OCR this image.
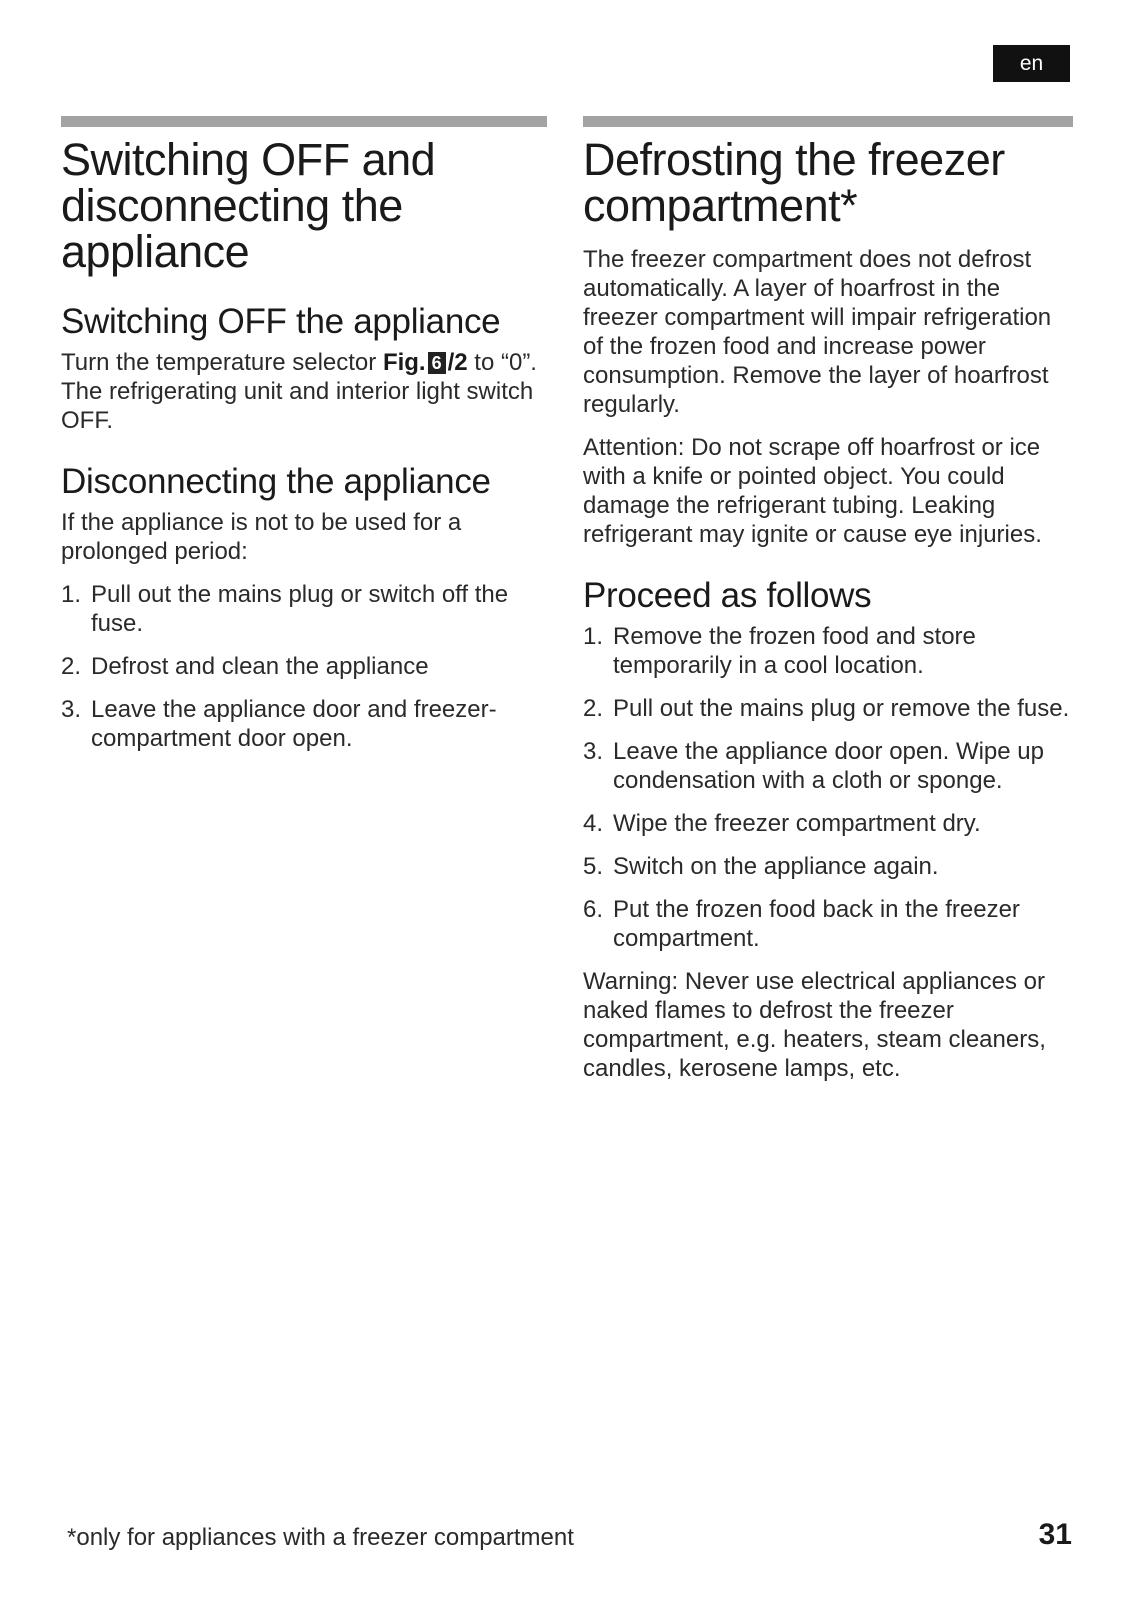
en
Switching OFF and disconnecting the appliance
Switching OFF the appliance

Turn the temperature selector Fig. 6 /2 to “0”. The refrigerating unit and interior light switch OFF.

Disconnecting the appliance

If the appliance is not to be used for a prolonged period:

1. Pull out the mains plug or switch off the fuse.
2. Defrost and clean the appliance
3. Leave the appliance door and freezer-compartment door open.
Defrosting the freezer compartment*

The freezer compartment does not defrost automatically. A layer of hoarfrost in the freezer compartment will impair refrigeration of the frozen food and increase power consumption. Remove the layer of hoarfrost regularly.

Attention: Do not scrape off hoarfrost or ice with a knife or pointed object. You could damage the refrigerant tubing. Leaking refrigerant may ignite or cause eye injuries.

Proceed as follows
1. Remove the frozen food and store temporarily in a cool location.
2. Pull out the mains plug or remove the fuse.
3. Leave the appliance door open. Wipe up condensation with a cloth or sponge.
4. Wipe the freezer compartment dry.
5. Switch on the appliance again.
6. Put the frozen food back in the freezer compartment.

Warning: Never use electrical appliances or naked flames to defrost the freezer compartment, e.g. heaters, steam cleaners, candles, kerosene lamps, etc.

*only for appliances with a freezer compartment	31
